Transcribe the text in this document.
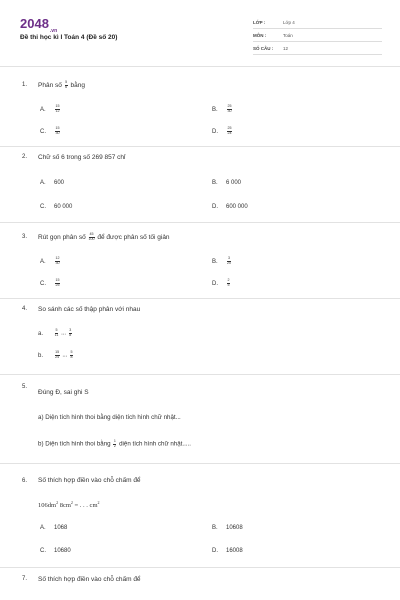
$2048_{.vn}$
Đề thi học kì I Toán 4 (Đề số 20)
LỚP :	Lớp 4
MÔN :	Toán
SỐ CÂU : 12
1. Phân số $\frac{5}{6}$ bằng
A.	$\frac{15}{12}$	B.	$\frac{25}{30}$
C.	$\frac{15}{30}$	D.	$\frac{25}{24}$
2. Chữ số 6 trong số 269 857 chỉ
A. 600	B. 6 000
C. 60 000	D. 600 000
3. Rút gọn phân số $\frac{45}{100}$ để được phân số tối giản
A.	$\frac{12}{30}$	B.	$\frac{3}{20}$
C.	$\frac{15}{25}$	D.	$\frac{2}{5}$
4. So sánh các số thập phân với nhau
a.	$\frac{5}{11}$ ... $\frac{3}{8}$
b.	$\frac{15}{24}$ ... $\frac{5}{8}$
5.
Đúng Đ, sai ghi S
a) Diện tích hình thoi bằng diện tích hình chữ nhật...
b) Diện tích hình thoi bằng $\frac{1}{2}$ diện tích hình chữ nhật.....
6. Số thích hợp điền vào chỗ chấm để
$106dm^2$ $8cm^2$ = . . . $cm^2$
A. 1068	B. 10608
C. 10680	D. 16008
7. Số thích hợp điền vào chỗ chấm để
